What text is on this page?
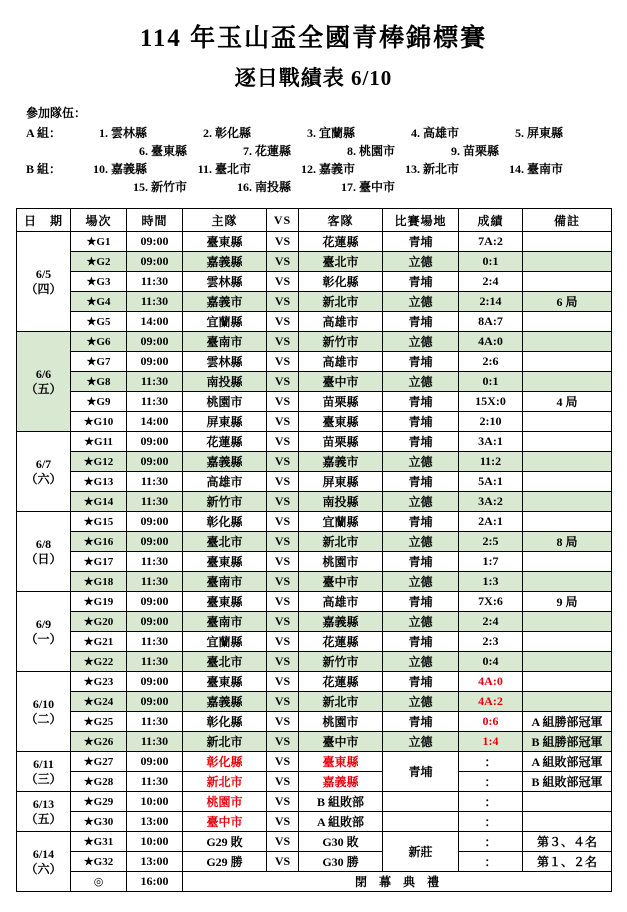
114 年玉山盃全國青棒錦標賽
逐日戰績表 6/10
參加隊伍：
A 組：	1. 雲林縣	2. 彰化縣	3. 宜蘭縣	4. 高雄市	5. 屏東縣
6. 臺東縣	7. 花蓮縣	8. 桃園市	9. 苗栗縣
B 組：	10. 嘉義縣	11. 臺北市	12. 嘉義市	13. 新北市	14. 臺南市
15. 新竹市	16. 南投縣	17. 臺中市
日　期	場次	時間	主隊	VS	客隊	比賽場地	成績	備註

6/5
（四）	★G1	09:00	臺東縣	VS	花蓮縣	青埔	7A:2	
	★G2	09:00	嘉義縣	VS	臺北市	立德	0:1	
	★G3	11:30	雲林縣	VS	彰化縣	青埔	2:4	
	★G4	11:30	嘉義市	VS	新北市	立德	2:14	6 局
	★G5	14:00	宜蘭縣	VS	高雄市	青埔	8A:7	

6/6
（五）	★G6	09:00	臺南市	VS	新竹市	立德	4A:0	
	★G7	09:00	雲林縣	VS	高雄市	青埔	2:6	
	★G8	11:30	南投縣	VS	臺中市	立德	0:1	
	★G9	11:30	桃園市	VS	苗栗縣	青埔	15X:0	4 局
	★G10	14:00	屏東縣	VS	臺東縣	青埔	2:10	

6/7
（六）	★G11	09:00	花蓮縣	VS	苗栗縣	青埔	3A:1	
	★G12	09:00	嘉義縣	VS	嘉義市	立德	11:2	
	★G13	11:30	高雄市	VS	屏東縣	青埔	5A:1	
	★G14	11:30	新竹市	VS	南投縣	立德	3A:2	

6/8
（日）	★G15	09:00	彰化縣	VS	宜蘭縣	青埔	2A:1	
	★G16	09:00	臺北市	VS	新北市	立德	2:5	8 局
	★G17	11:30	臺東縣	VS	桃園市	青埔	1:7	
	★G18	11:30	臺南市	VS	臺中市	立德	1:3	

6/9
（一）	★G19	09:00	臺東縣	VS	高雄市	青埔	7X:6	9 局
	★G20	09:00	臺南市	VS	嘉義縣	立德	2:4	
	★G21	11:30	宜蘭縣	VS	花蓮縣	青埔	2:3	
	★G22	11:30	臺北市	VS	新竹市	立德	0:4	

6/10
（二）	★G23	09:00	臺東縣	VS	花蓮縣	青埔	4A:0	
	★G24	09:00	嘉義縣	VS	新北市	立德	4A:2	
	★G25	11:30	彰化縣	VS	桃園市	青埔	0:6	A 組勝部冠軍
	★G26	11:30	新北市	VS	臺中市	立德	1:4	B 組勝部冠軍

6/11
（三）	★G27	09:00	彰化縣	VS	臺東縣	青埔	：	A 組敗部冠軍
	★G28	11:30	新北市	VS	嘉義縣		：	B 組敗部冠軍

6/13
（五）	★G29	10:00	桃園市	VS	B 組敗部		：	
	★G30	13:00	臺中市	VS	A 組敗部		：	

6/14
（六）	★G31	10:00	G29 敗	VS	G30 敗	新莊	：	第３、４名
	★G32	13:00	G29 勝	VS	G30 勝		：	第１、２名
	◎	16:00	閉　幕　典　禮					
